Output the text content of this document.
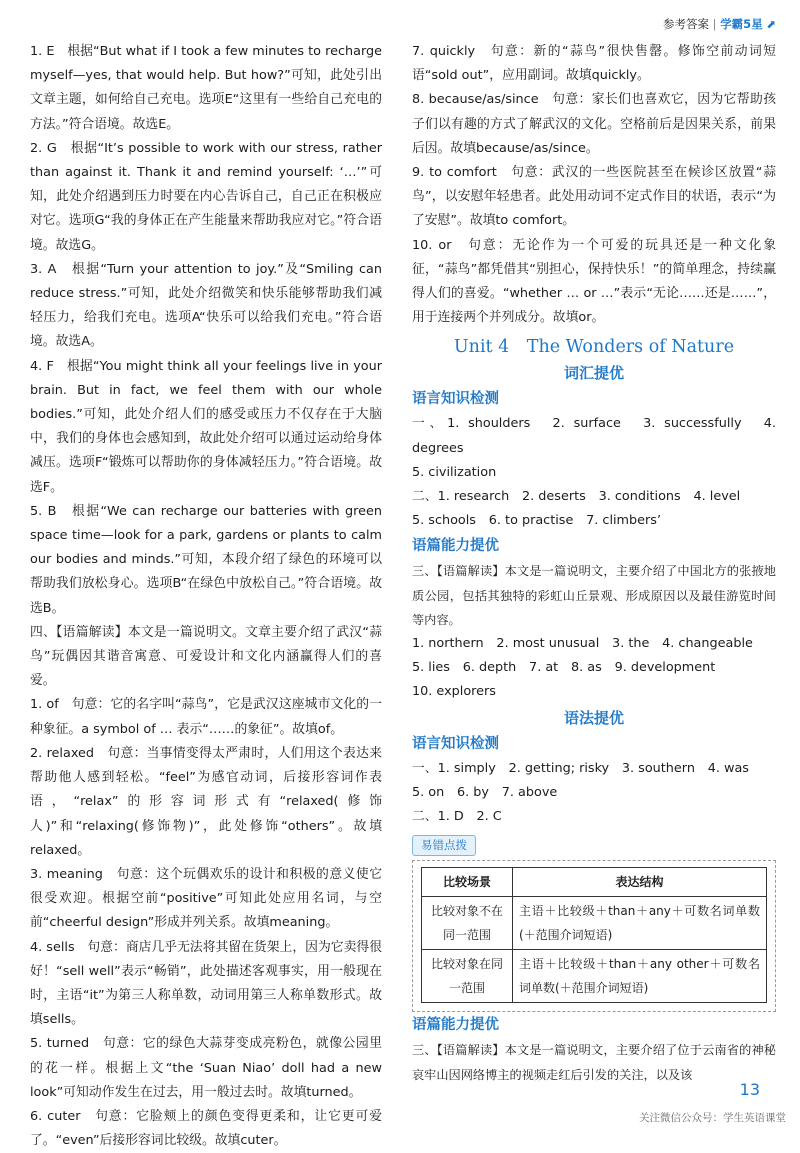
参考答案 | 学霸5星 ⬈

1. E　根据“But what if I took a few minutes to recharge myself—yes, that would help. But how?”可知，此处引出文章主题，如何给自己充电。选项E“这里有一些给自己充电的方法。”符合语境。故选E。

2. G　根据“It’s possible to work with our stress, rather than against it. Thank it and remind yourself: ‘…’”可知，此处介绍遇到压力时要在内心告诉自己，自己正在积极应对它。选项G“我的身体正在产生能量来帮助我应对它。”符合语境。故选G。

3. A　根据“Turn your attention to joy.”及“Smiling can reduce stress.”可知，此处介绍微笑和快乐能够帮助我们减轻压力，给我们充电。选项A“快乐可以给我们充电。”符合语境。故选A。

4. F　根据“You might think all your feelings live in your brain. But in fact, we feel them with our whole bodies.”可知，此处介绍人们的感受或压力不仅存在于大脑中，我们的身体也会感知到，故此处介绍可以通过运动给身体减压。选项F“锻炼可以帮助你的身体减轻压力。”符合语境。故选F。

5. B　根据“We can recharge our batteries with green space time—look for a park, gardens or plants to calm our bodies and minds.”可知，本段介绍了绿色的环境可以帮助我们放松身心。选项B“在绿色中放松自己。”符合语境。故选B。

四、【语篇解读】本文是一篇说明文。文章主要介绍了武汉“蒜鸟”玩偶因其谐音寓意、可爱设计和文化内涵赢得人们的喜爱。

1. of　句意：它的名字叫“蒜鸟”，它是武汉这座城市文化的一种象征。a symbol of … 表示“……的象征”。故填of。

2. relaxed　句意：当事情变得太严肃时，人们用这个表达来帮助他人感到轻松。“feel”为感官动词，后接形容词作表语，“relax”的形容词形式有“relaxed(修饰人)”和“relaxing(修饰物)”，此处修饰“others”。故填relaxed。

3. meaning　句意：这个玩偶欢乐的设计和积极的意义使它很受欢迎。根据空前“positive”可知此处应用名词，与空前“cheerful design”形成并列关系。故填meaning。

4. sells　句意：商店几乎无法将其留在货架上，因为它卖得很好！“sell well”表示“畅销”，此处描述客观事实，用一般现在时，主语“it”为第三人称单数，动词用第三人称单数形式。故填sells。

5. turned　句意：它的绿色大蒜芽变成亮粉色，就像公园里的花一样。根据上文“the ‘Suan Niao’ doll had a new look”可知动作发生在过去，用一般过去时。故填turned。

6. cuter　句意：它脸颊上的颜色变得更柔和，让它更可爱了。“even”后接形容词比较级。故填cuter。

7. quickly　句意：新的“蒜鸟”很快售罄。修饰空前动词短语“sold out”，应用副词。故填quickly。

8. because/as/since　句意：家长们也喜欢它，因为它帮助孩子们以有趣的方式了解武汉的文化。空格前后是因果关系，前果后因。故填because/as/since。

9. to comfort　句意：武汉的一些医院甚至在候诊区放置“蒜鸟”，以安慰年轻患者。此处用动词不定式作目的状语，表示“为了安慰”。故填to comfort。

10. or　句意：无论作为一个可爱的玩具还是一种文化象征，“蒜鸟”都凭借其“别担心，保持快乐！”的简单理念，持续赢得人们的喜爱。“whether … or …”表示“无论……还是……”，用于连接两个并列成分。故填or。

Unit 4　The Wonders of Nature

词汇提优

语言知识检测

一、1. shoulders　2. surface　3. successfully　4. degrees

5. civilization

二、1. research　2. deserts　3. conditions　4. level

5. schools　6. to practise　7. climbers’

语篇能力提优

三、【语篇解读】本文是一篇说明文，主要介绍了中国北方的张掖地质公园，包括其独特的彩虹山丘景观、形成原因以及最佳游览时间等内容。

1. northern　2. most unusual　3. the　4. changeable

5. lies　6. depth　7. at　8. as　9. development

10. explorers

语法提优

语言知识检测

一、1. simply　2. getting; risky　3. southern　4. was

5. on　6. by　7. above

二、1. D　2. C

易错点拨
比较场景	表达结构
比较对象不在同一范围	主语＋比较级＋than＋any＋可数名词单数(＋范围介词短语)
比较对象在同一范围	主语＋比较级＋than＋any other＋可数名词单数(＋范围介词短语)

语篇能力提优

三、【语篇解读】本文是一篇说明文，主要介绍了位于云南省的神秘哀牢山因网络博主的视频走红后引发的关注，以及该

13
关注微信公众号：学生英语课堂
